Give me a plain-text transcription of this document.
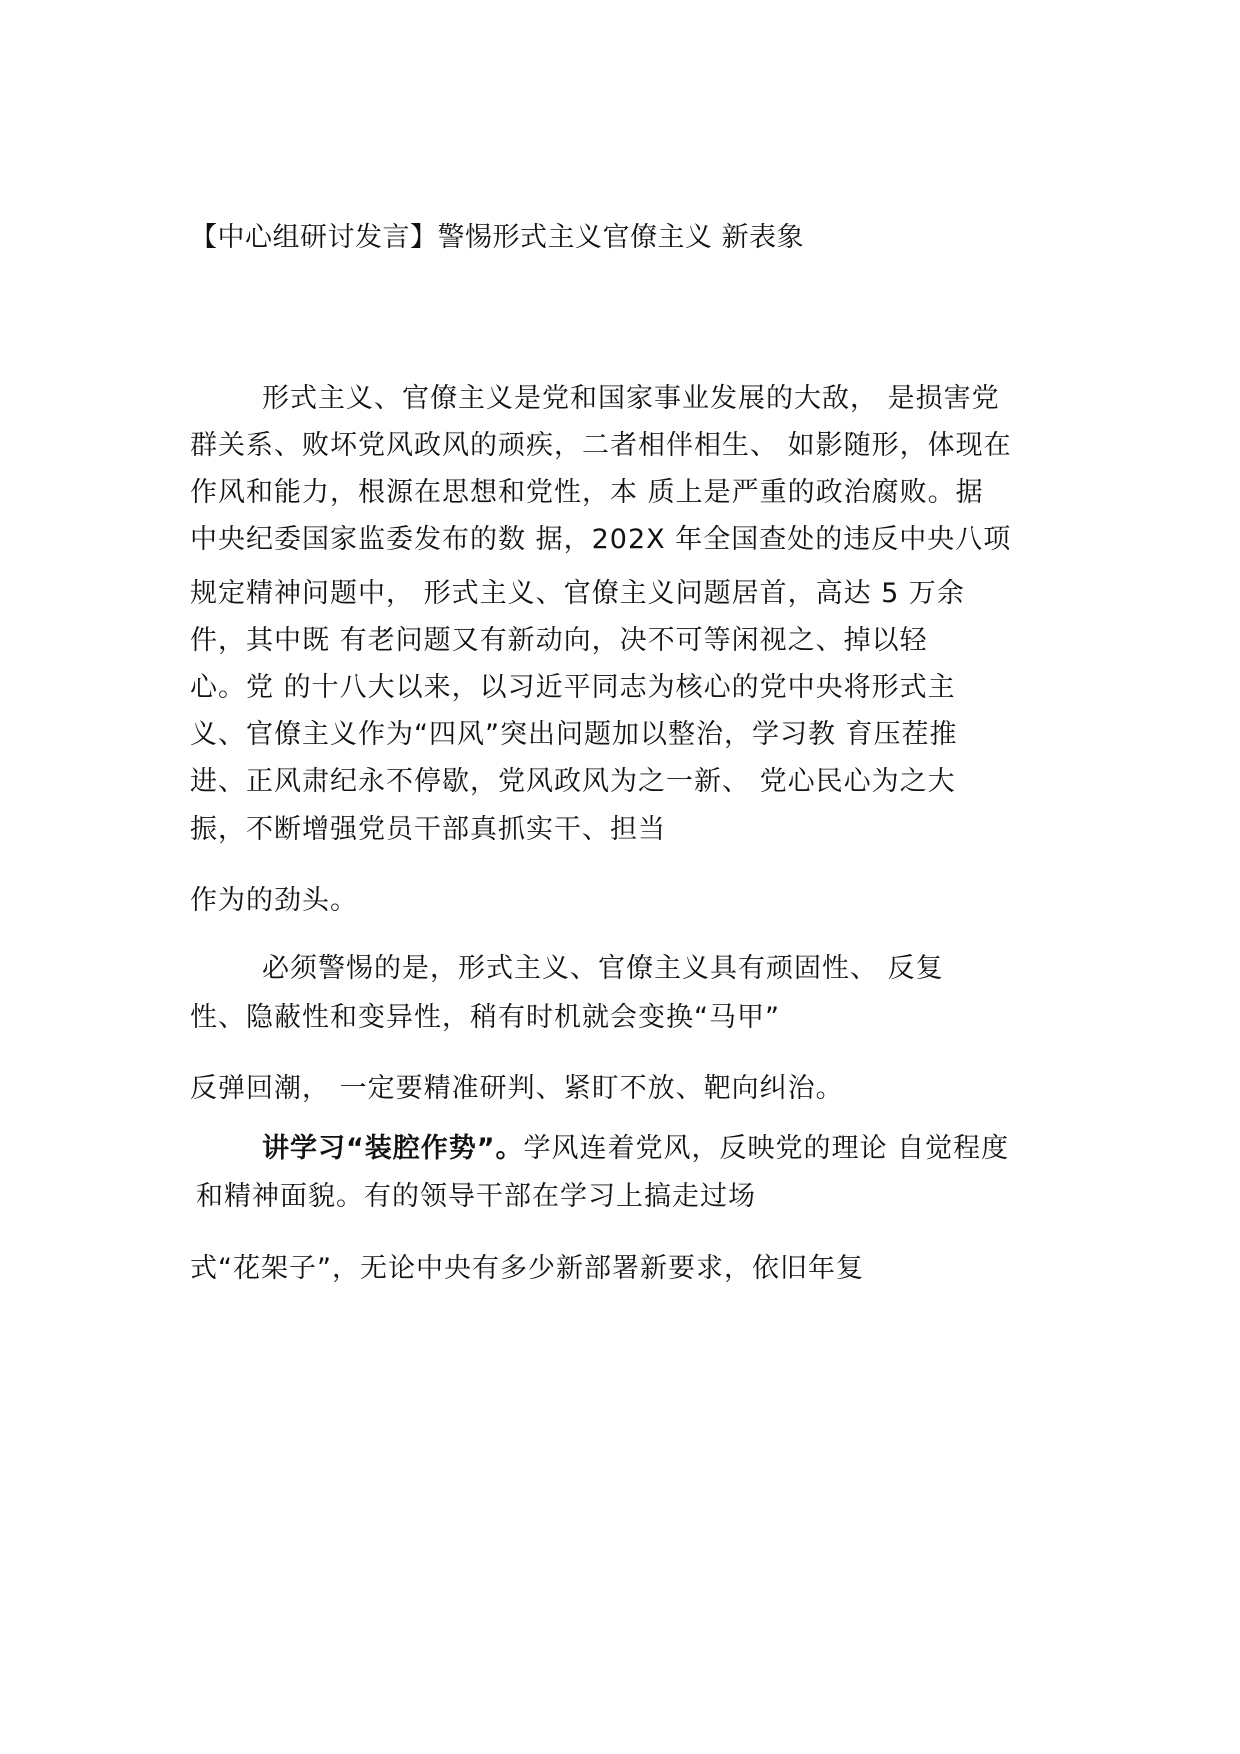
【中心组研讨发言】警惕形式主义官僚主义 新表象
形式主义、官僚主义是党和国家事业发展的大敌， 是损害党
群关系、败坏党风政风的顽疾，二者相伴相生、 如影随形，体现在
作风和能力，根源在思想和党性，本 质上是严重的政治腐败。据
中央纪委国家监委发布的数 据，202X 年全国查处的违反中央八项
规定精神问题中， 形式主义、官僚主义问题居首，高达 5 万余
件，其中既 有老问题又有新动向，决不可等闲视之、掉以轻
心。党 的十八大以来，以习近平同志为核心的党中央将形式主
义、官僚主义作为“四风”突出问题加以整治，学习教 育压茬推
进、正风肃纪永不停歇，党风政风为之一新、 党心民心为之大
振，不断增强党员干部真抓实干、担当
作为的劲头。
必须警惕的是，形式主义、官僚主义具有顽固性、 反复
性、隐蔽性和变异性，稍有时机就会变换“马甲”
反弹回潮， 一定要精准研判、紧盯不放、靶向纠治。
讲学习“装腔作势”。学风连着党风，反映党的理论 自觉程度
和精神面貌。有的领导干部在学习上搞走过场
式“花架子”，无论中央有多少新部署新要求，依旧年复
